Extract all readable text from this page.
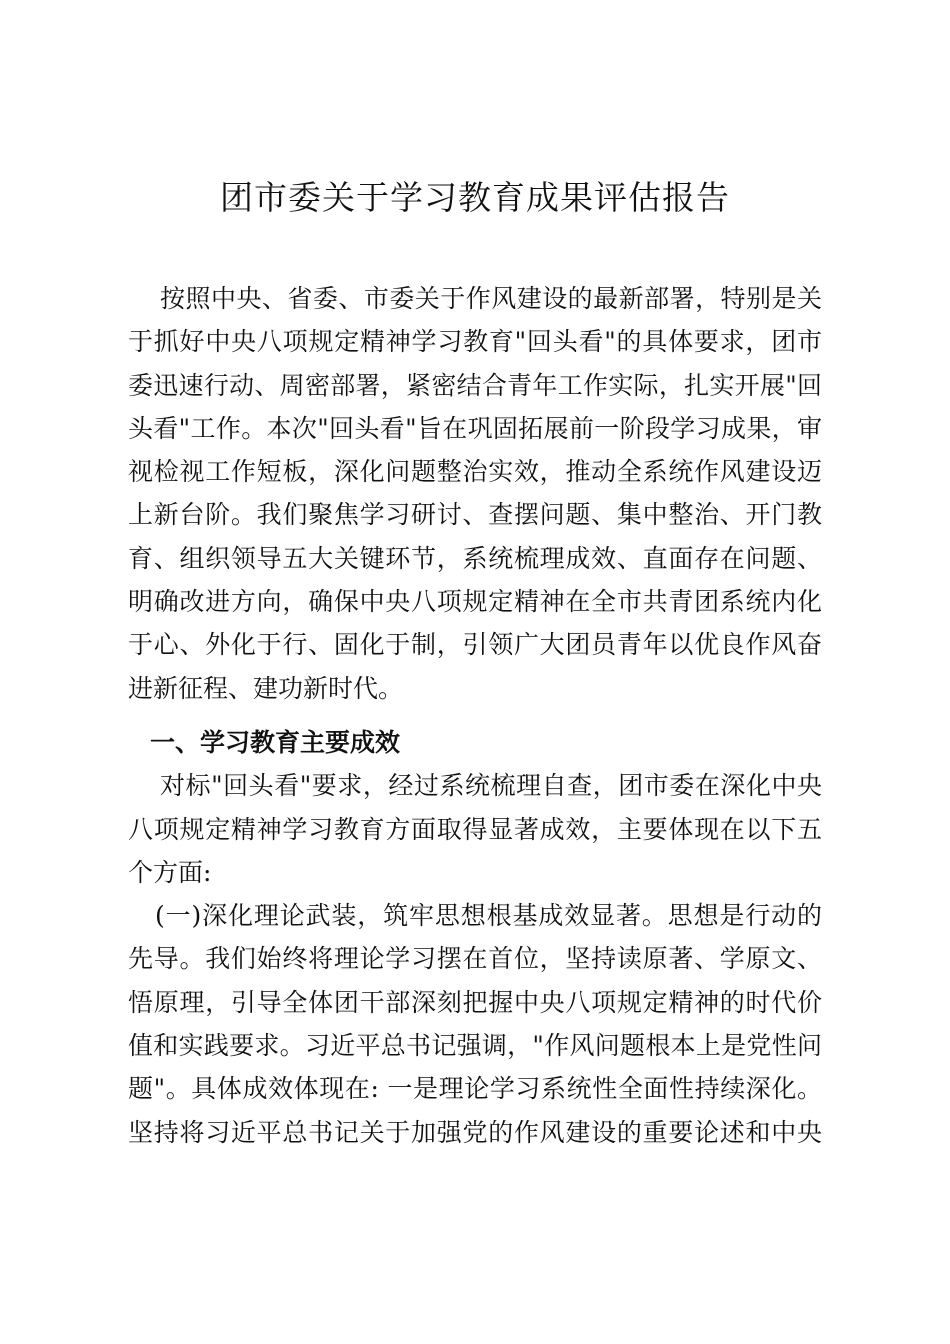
团市委关于学习教育成果评估报告
按照中央、省委、市委关于作风建设的最新部署，特别是关
于抓好中央八项规定精神学习教育"回头看"的具体要求，团市
委迅速行动、周密部署，紧密结合青年工作实际，扎实开展"回
头看"工作。本次"回头看"旨在巩固拓展前一阶段学习成果，审
视检视工作短板，深化问题整治实效，推动全系统作风建设迈
上新台阶。我们聚焦学习研讨、查摆问题、集中整治、开门教
育、组织领导五大关键环节，系统梳理成效、直面存在问题、
明确改进方向，确保中央八项规定精神在全市共青团系统内化
于心、外化于行、固化于制，引领广大团员青年以优良作风奋
进新征程、建功新时代。
一、学习教育主要成效
对标"回头看"要求，经过系统梳理自查，团市委在深化中央
八项规定精神学习教育方面取得显著成效，主要体现在以下五
个方面:
(一)深化理论武装，筑牢思想根基成效显著。思想是行动的
先导。我们始终将理论学习摆在首位，坚持读原著、学原文、
悟原理，引导全体团干部深刻把握中央八项规定精神的时代价
值和实践要求。习近平总书记强调，"作风问题根本上是党性问
题"。具体成效体现在: 一是理论学习系统性全面性持续深化。
坚持将习近平总书记关于加强党的作风建设的重要论述和中央
